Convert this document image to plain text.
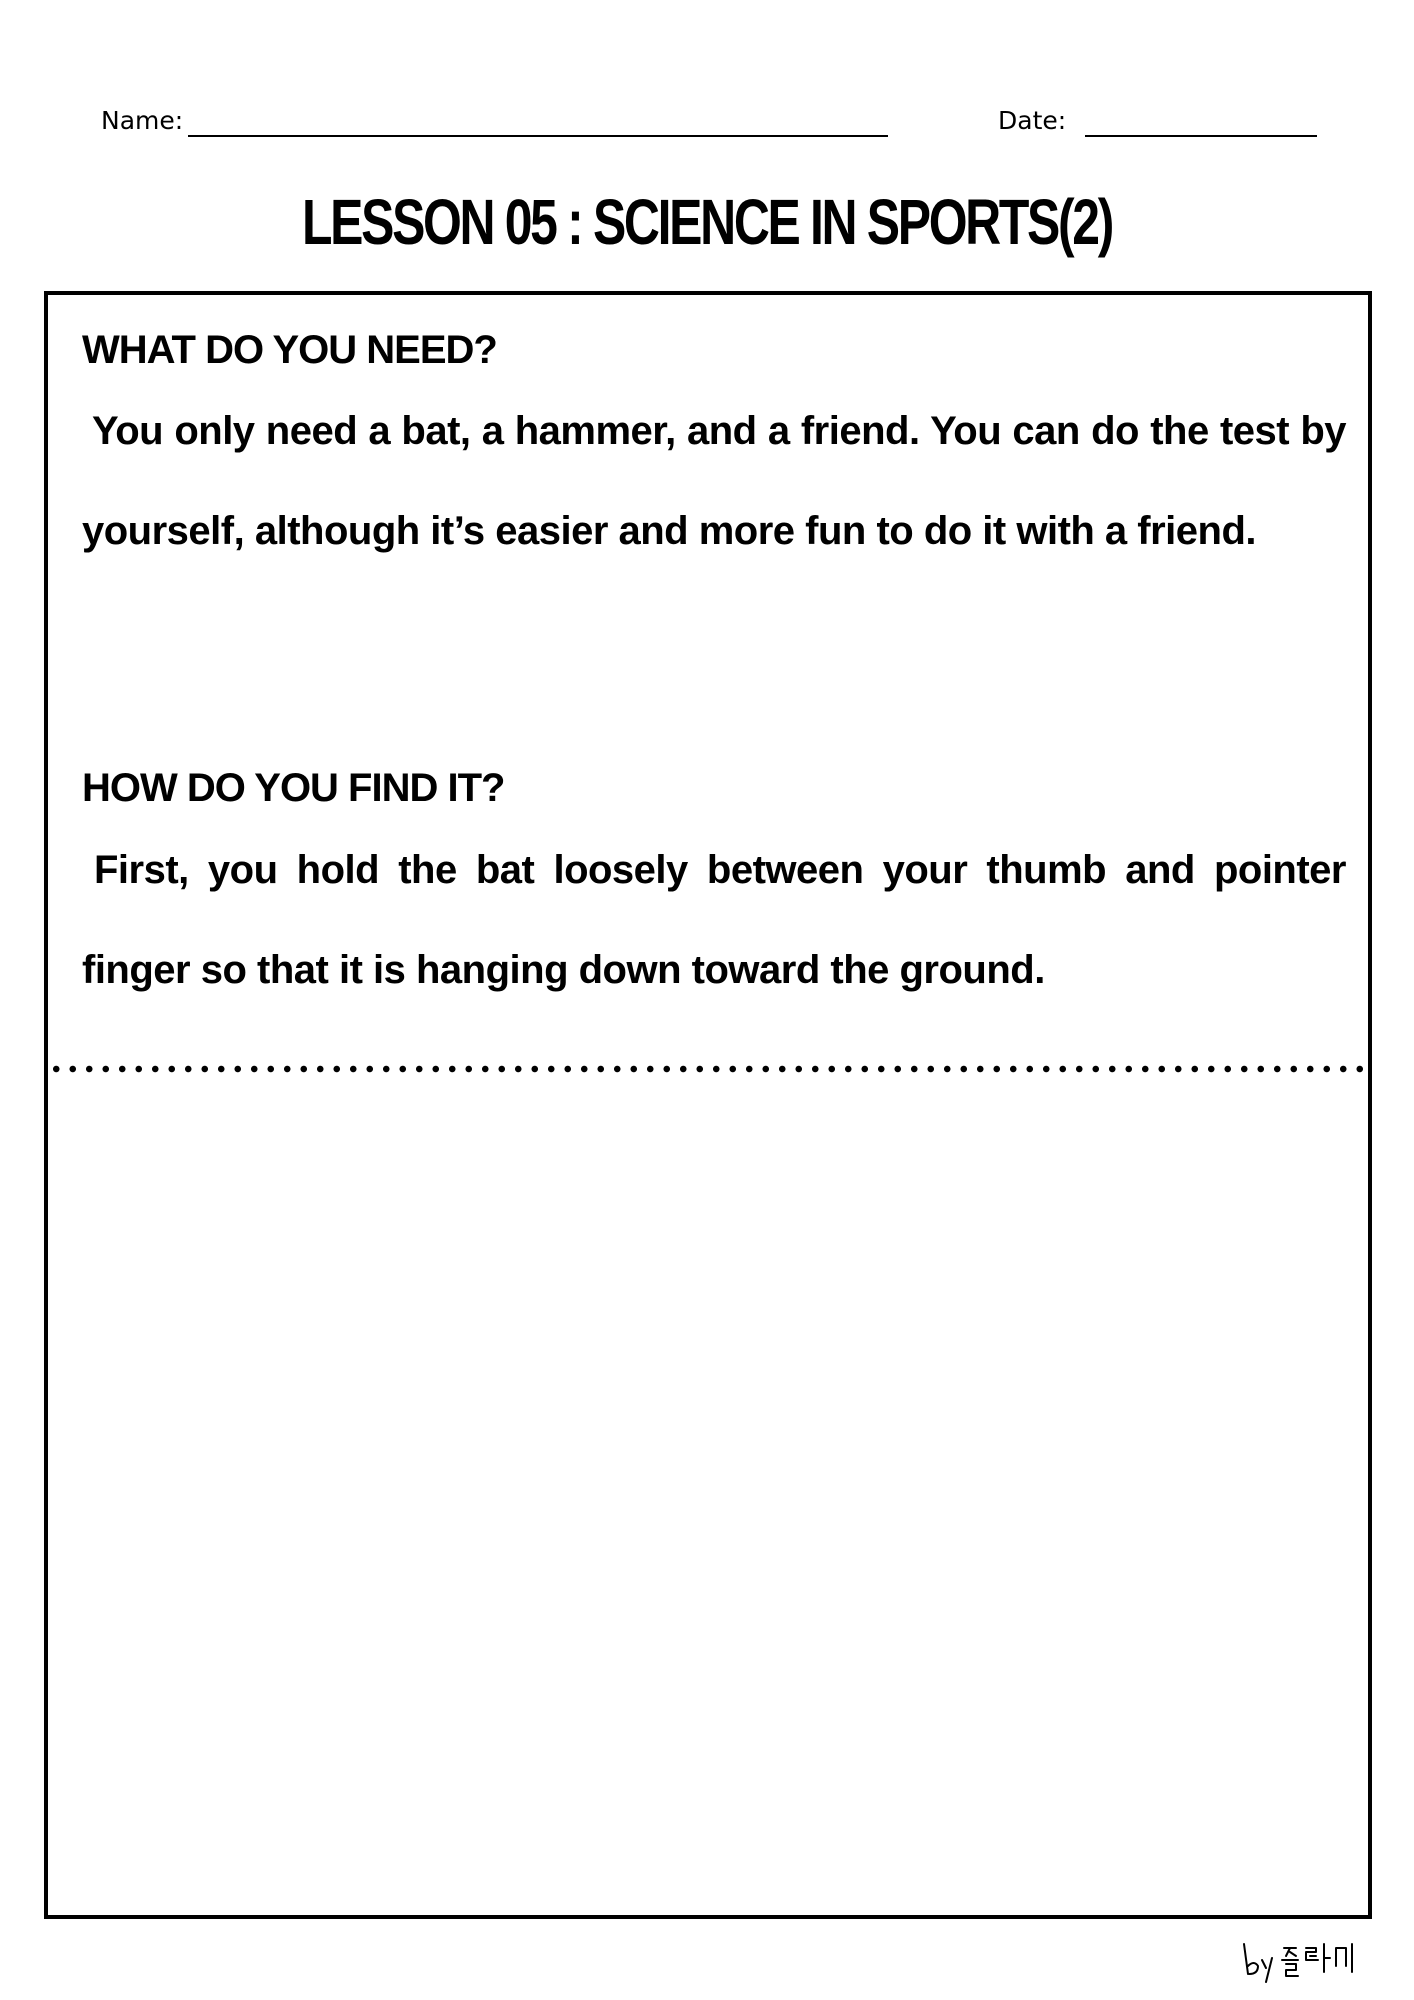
Name:	Date:
LESSON 05 : SCIENCE IN SPORTS(2)
WHAT DO YOU NEED?

You only need a bat, a hammer, and a friend. You can do the test by yourself, although it’s easier and more fun to do it with a friend.

HOW DO YOU FIND IT?

First, you hold the bat loosely between your thumb and pointer finger so that it is hanging down toward the ground.
